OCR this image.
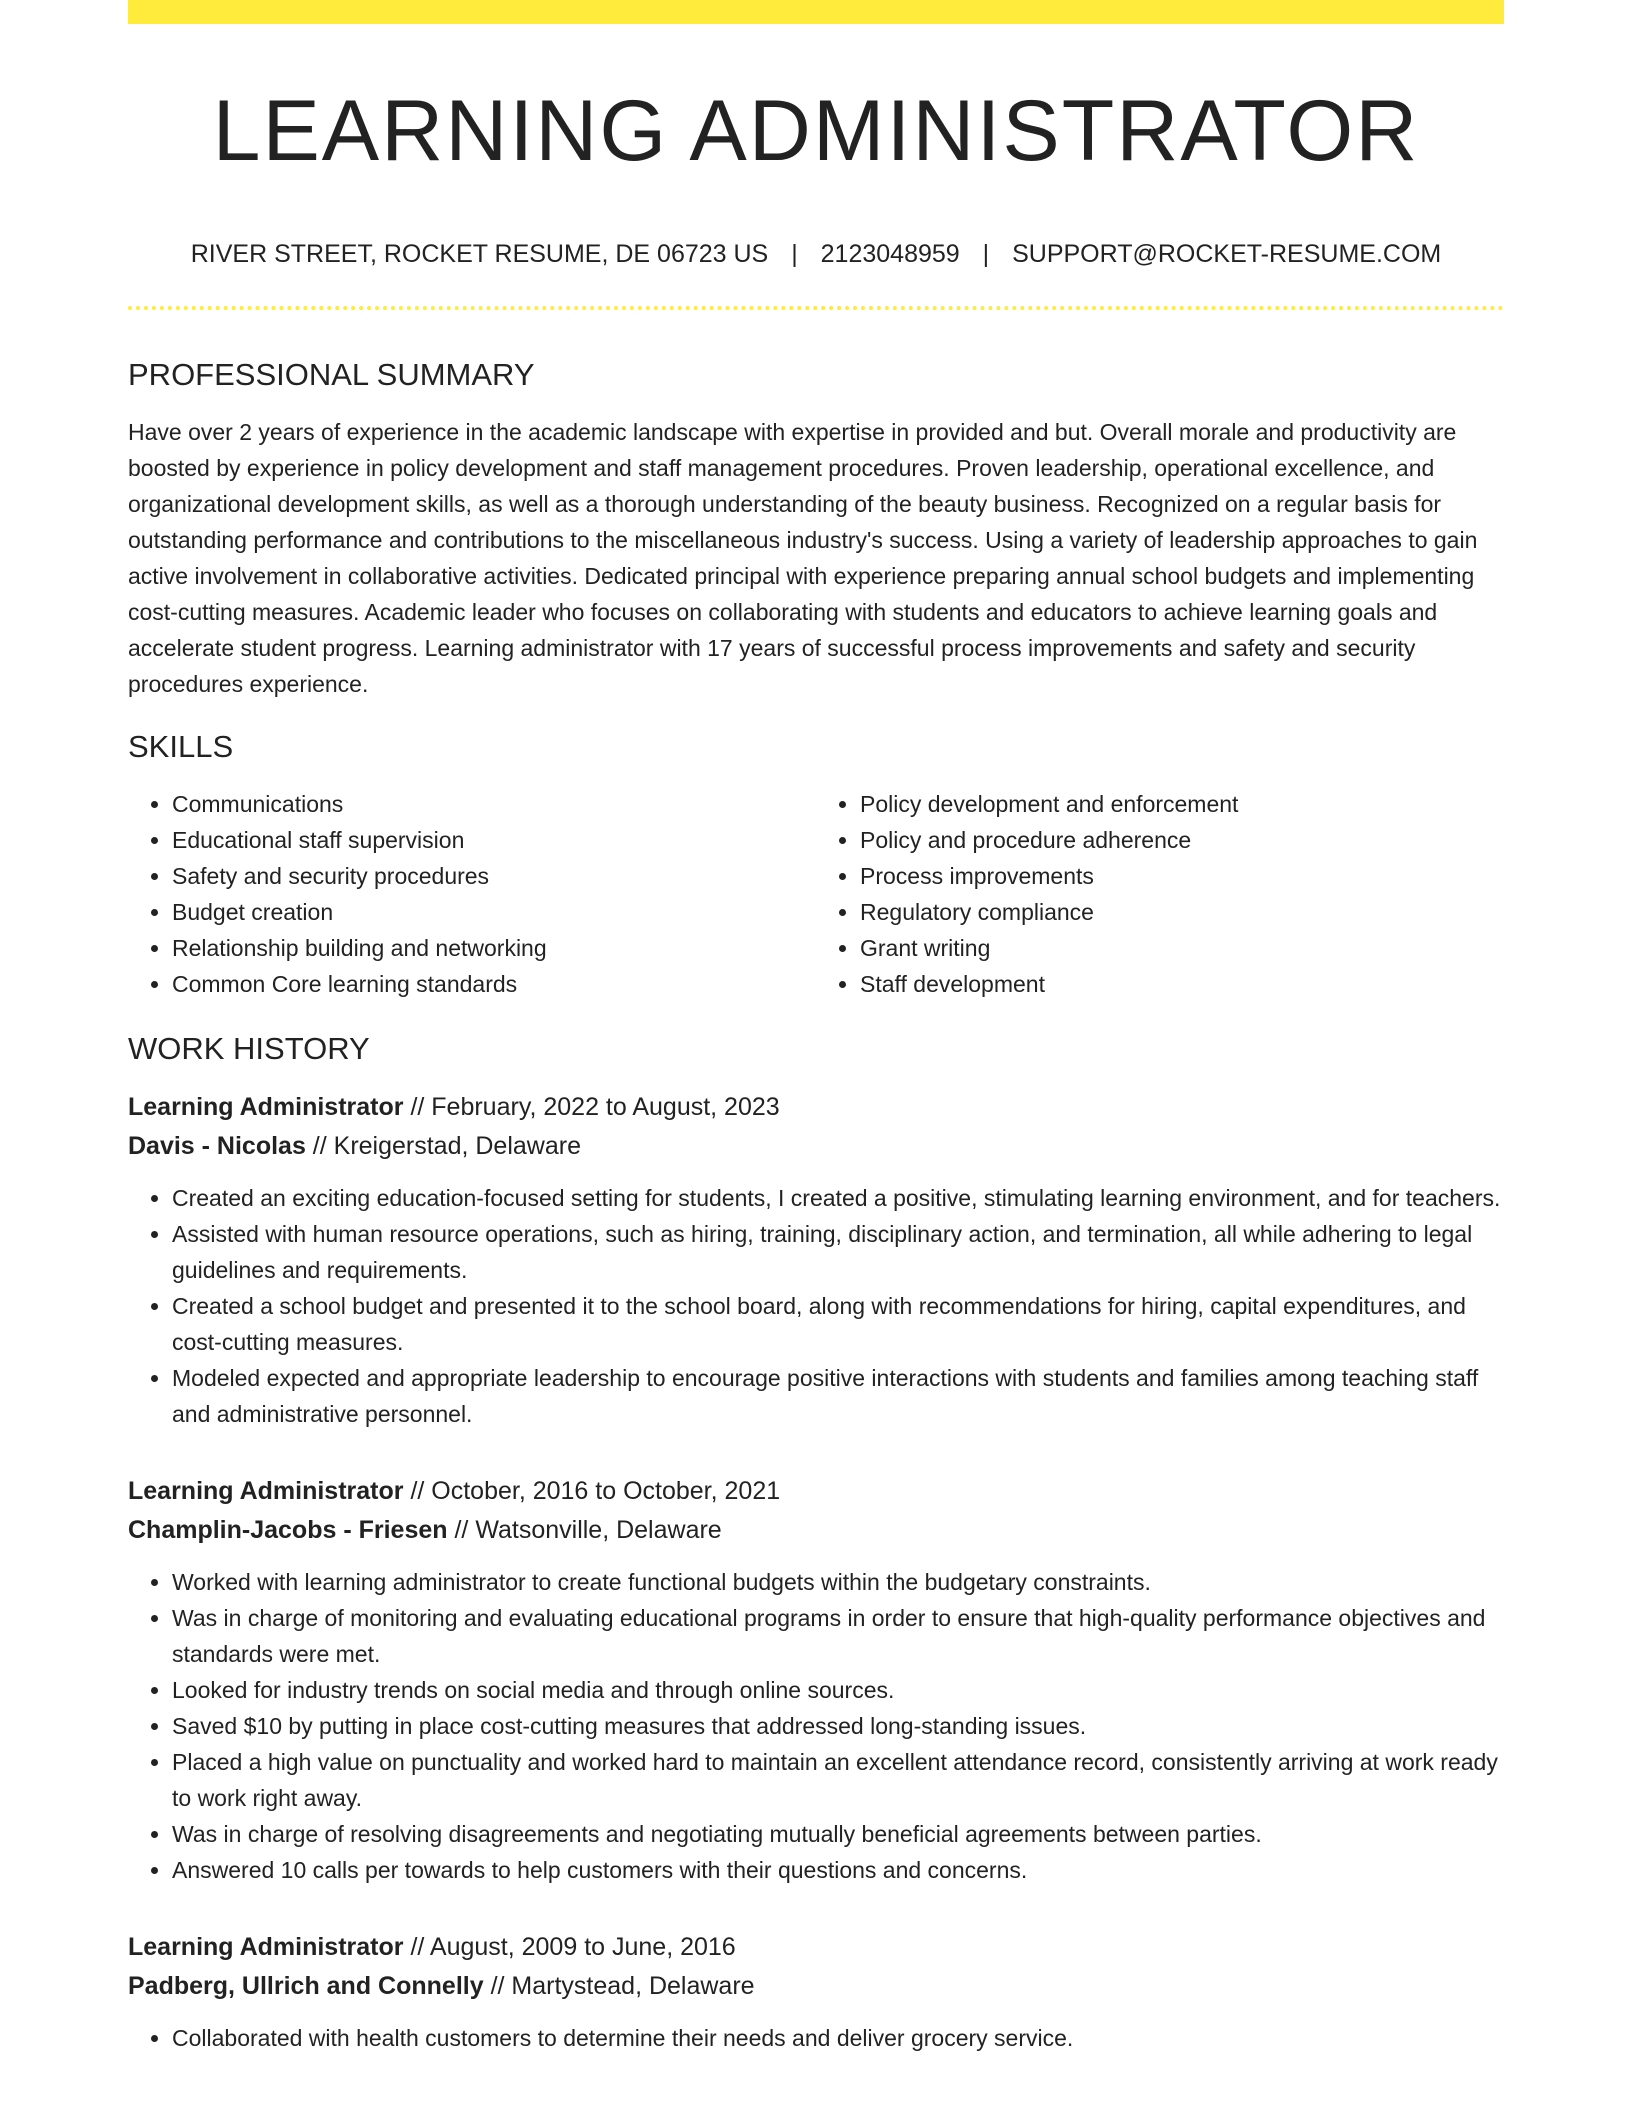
LEARNING ADMINISTRATOR
RIVER STREET, ROCKET RESUME, DE 06723 US | 2123048959 | SUPPORT@ROCKET-RESUME.COM
PROFESSIONAL SUMMARY

Have over 2 years of experience in the academic landscape with expertise in provided and but. Overall morale and productivity are boosted by experience in policy development and staff management procedures. Proven leadership, operational excellence, and organizational development skills, as well as a thorough understanding of the beauty business. Recognized on a regular basis for outstanding performance and contributions to the miscellaneous industry's success. Using a variety of leadership approaches to gain active involvement in collaborative activities. Dedicated principal with experience preparing annual school budgets and implementing cost-cutting measures. Academic leader who focuses on collaborating with students and educators to achieve learning goals and accelerate student progress. Learning administrator with 17 years of successful process improvements and safety and security procedures experience.

SKILLS
• Communications
• Educational staff supervision
• Safety and security procedures
• Budget creation
• Relationship building and networking
• Common Core learning standards
• Policy development and enforcement
• Policy and procedure adherence
• Process improvements
• Regulatory compliance
• Grant writing
• Staff development
WORK HISTORY
Learning Administrator // February, 2022 to August, 2023
Davis - Nicolas // Kreigerstad, Delaware
• Created an exciting education-focused setting for students, I created a positive, stimulating learning environment, and for teachers.
• Assisted with human resource operations, such as hiring, training, disciplinary action, and termination, all while adhering to legal guidelines and requirements.
• Created a school budget and presented it to the school board, along with recommendations for hiring, capital expenditures, and cost-cutting measures.
• Modeled expected and appropriate leadership to encourage positive interactions with students and families among teaching staff and administrative personnel.
Learning Administrator // October, 2016 to October, 2021
Champlin-Jacobs - Friesen // Watsonville, Delaware
• Worked with learning administrator to create functional budgets within the budgetary constraints.
• Was in charge of monitoring and evaluating educational programs in order to ensure that high-quality performance objectives and standards were met.
• Looked for industry trends on social media and through online sources.
• Saved $10 by putting in place cost-cutting measures that addressed long-standing issues.
• Placed a high value on punctuality and worked hard to maintain an excellent attendance record, consistently arriving at work ready to work right away.
• Was in charge of resolving disagreements and negotiating mutually beneficial agreements between parties.
• Answered 10 calls per towards to help customers with their questions and concerns.
Learning Administrator // August, 2009 to June, 2016
Padberg, Ullrich and Connelly // Martystead, Delaware
• Collaborated with health customers to determine their needs and deliver grocery service.
